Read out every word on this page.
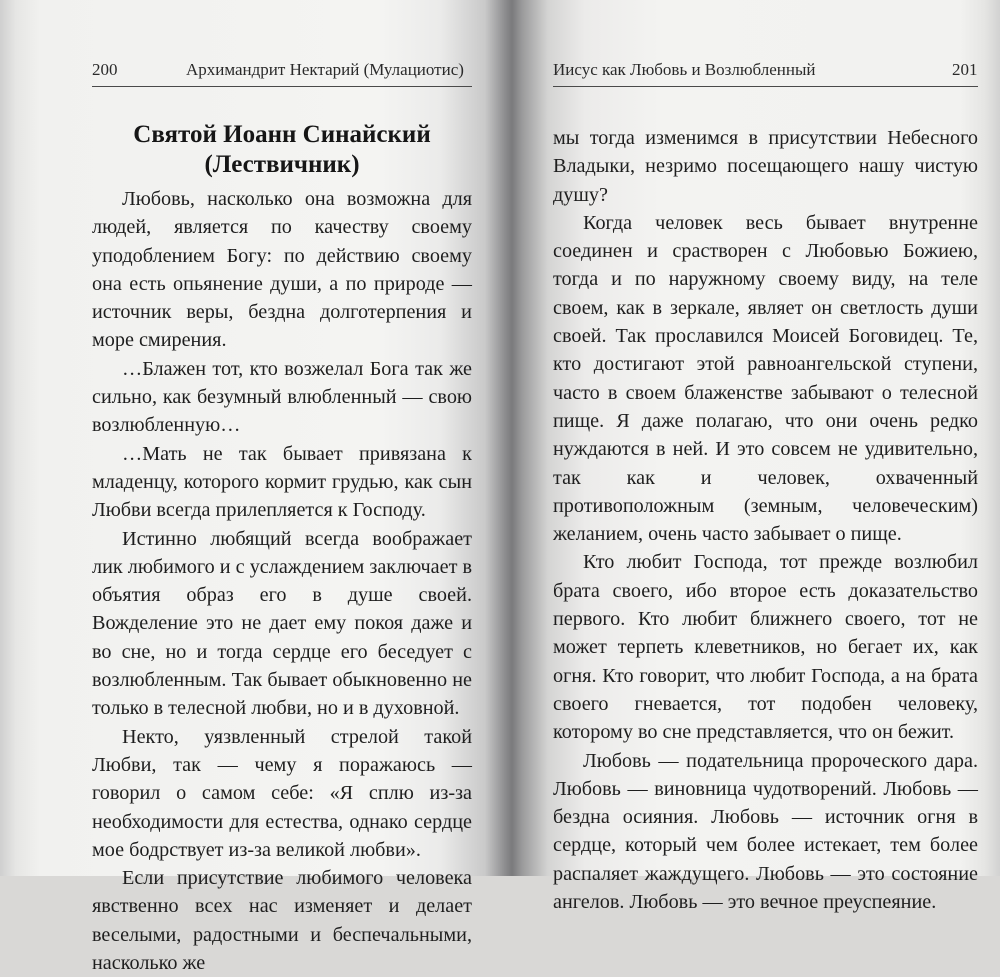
200	Архимандрит Нектарий (Мулациотис)
Святой Иоанн Синайский
(Лествичник)

Любовь, насколько она возможна для людей, является по качеству своему уподоблением Богу: по действию своему она есть опьянение души, а по природе — источник веры, бездна долготерпения и море смирения.

…Блажен тот, кто возжелал Бога так же сильно, как безумный влюбленный — свою возлюбленную…

…Мать не так бывает привязана к младенцу, которого кормит грудью, как сын Любви всегда прилепляется к Господу.

Истинно любящий всегда воображает лик любимого и с услаждением заключает в объятия образ его в душе своей. Вожделение это не дает ему покоя даже и во сне, но и тогда сердце его беседует с возлюбленным. Так бывает обыкновенно не только в телесной любви, но и в духовной.

Некто, уязвленный стрелой такой Любви, так — чему я поражаюсь — говорил о самом себе: «Я сплю из-за необходимости для естества, однако сердце мое бодрствует из-за великой любви».

Если присутствие любимого человека явственно всех нас изменяет и делает веселыми, радостными и беспечальными, насколько же

Иисус как Любовь и Возлюбленный	201

мы тогда изменимся в присутствии Небесного Владыки, незримо посещающего нашу чистую душу?

Когда человек весь бывает внутренне соединен и срастворен с Любовью Божиею, тогда и по наружному своему виду, на теле своем, как в зеркале, являет он светлость души своей. Так прославился Моисей Боговидец. Те, кто достигают этой равноангельской ступени, часто в своем блаженстве забывают о телесной пище. Я даже полагаю, что они очень редко нуждаются в ней. И это совсем не удивительно, так как и человек, охваченный противоположным (земным, человеческим) желанием, очень часто забывает о пище.

Кто любит Господа, тот прежде возлюбил брата своего, ибо второе есть доказательство первого. Кто любит ближнего своего, тот не может терпеть клеветников, но бегает их, как огня. Кто говорит, что любит Господа, а на брата своего гневается, тот подобен человеку, которому во сне представляется, что он бежит.

Любовь — подательница пророческого дара. Любовь — виновница чудотворений. Любовь — бездна осияния. Любовь — источник огня в сердце, который чем более истекает, тем более распаляет жаждущего. Любовь — это состояние ангелов. Любовь — это вечное преуспеяние.
